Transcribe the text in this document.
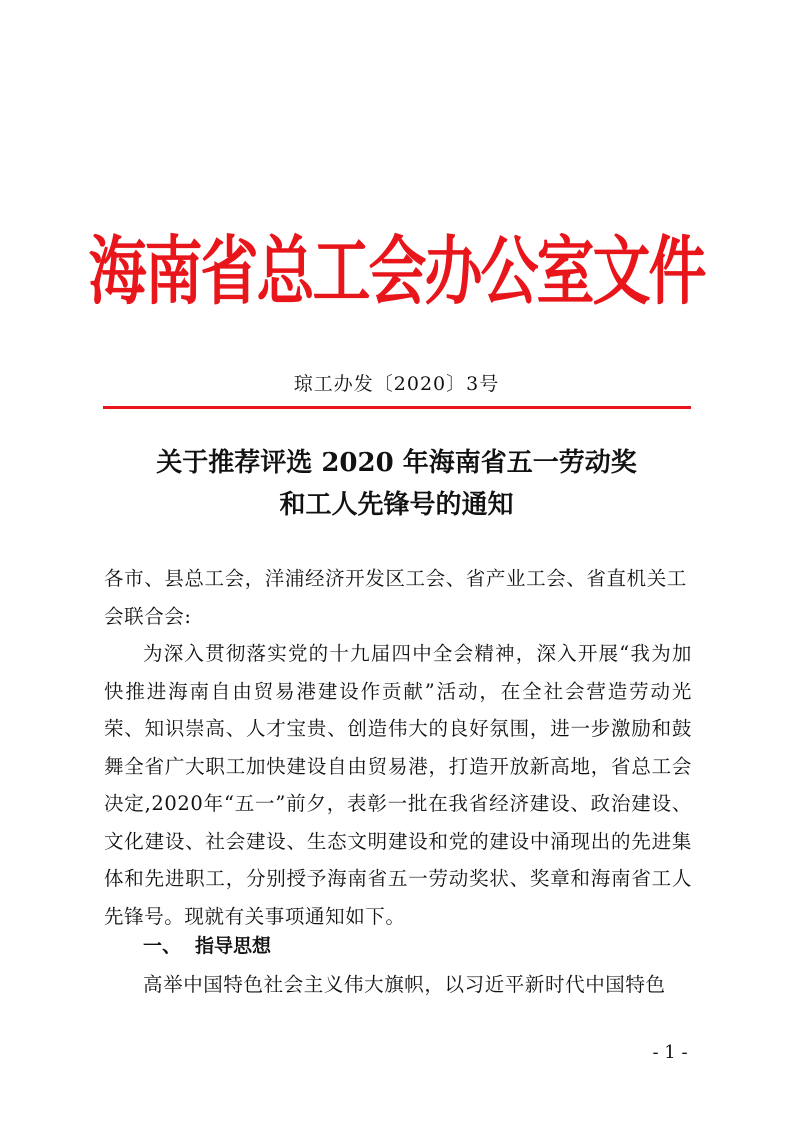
海南省总工会办公室文件
琼工办发〔2020〕3号
关于推荐评选 2020 年海南省五一劳动奖
和工人先锋号的通知
各市、县总工会，洋浦经济开发区工会、省产业工会、省直机关工会联合会:
为深入贯彻落实党的十九届四中全会精神，深入开展“我为加快推进海南自由贸易港建设作贡献”活动，在全社会营造劳动光荣、知识崇高、人才宝贵、创造伟大的良好氛围，进一步激励和鼓舞全省广大职工加快建设自由贸易港，打造开放新高地，省总工会决定,2020年“五一”前夕，表彰一批在我省经济建设、政治建设、文化建设、社会建设、生态文明建设和党的建设中涌现出的先进集体和先进职工，分别授予海南省五一劳动奖状、奖章和海南省工人先锋号。现就有关事项通知如下。
一、 指导思想
高举中国特色社会主义伟大旗帜，以习近平新时代中国特色
- 1 -
